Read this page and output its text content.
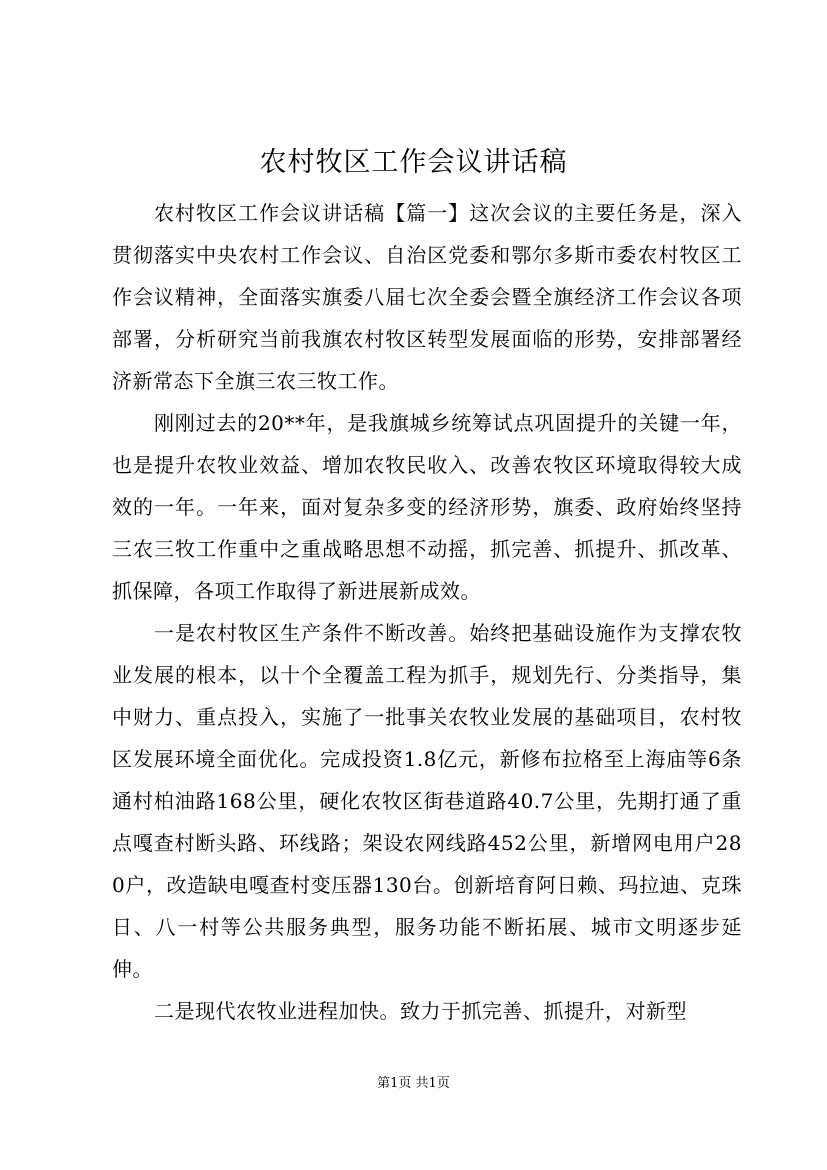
农村牧区工作会议讲话稿

农村牧区工作会议讲话稿【篇一】这次会议的主要任务是，深入贯彻落实中央农村工作会议、自治区党委和鄂尔多斯市委农村牧区工作会议精神，全面落实旗委八届七次全委会暨全旗经济工作会议各项部署，分析研究当前我旗农村牧区转型发展面临的形势，安排部署经济新常态下全旗三农三牧工作。

刚刚过去的20**年，是我旗城乡统筹试点巩固提升的关键一年，也是提升农牧业效益、增加农牧民收入、改善农牧区环境取得较大成效的一年。一年来，面对复杂多变的经济形势，旗委、政府始终坚持三农三牧工作重中之重战略思想不动摇，抓完善、抓提升、抓改革、抓保障，各项工作取得了新进展新成效。

一是农村牧区生产条件不断改善。始终把基础设施作为支撑农牧业发展的根本，以十个全覆盖工程为抓手，规划先行、分类指导，集中财力、重点投入，实施了一批事关农牧业发展的基础项目，农村牧区发展环境全面优化。完成投资1.8亿元，新修布拉格至上海庙等6条通村柏油路168公里，硬化农牧区街巷道路40.7公里，先期打通了重点嘎查村断头路、环线路；架设农网线路452公里，新增网电用户280户，改造缺电嘎查村变压器130台。创新培育阿日赖、玛拉迪、克珠日、八一村等公共服务典型，服务功能不断拓展、城市文明逐步延伸。

二是现代农牧业进程加快。致力于抓完善、抓提升，对新型

第1页 共1页
